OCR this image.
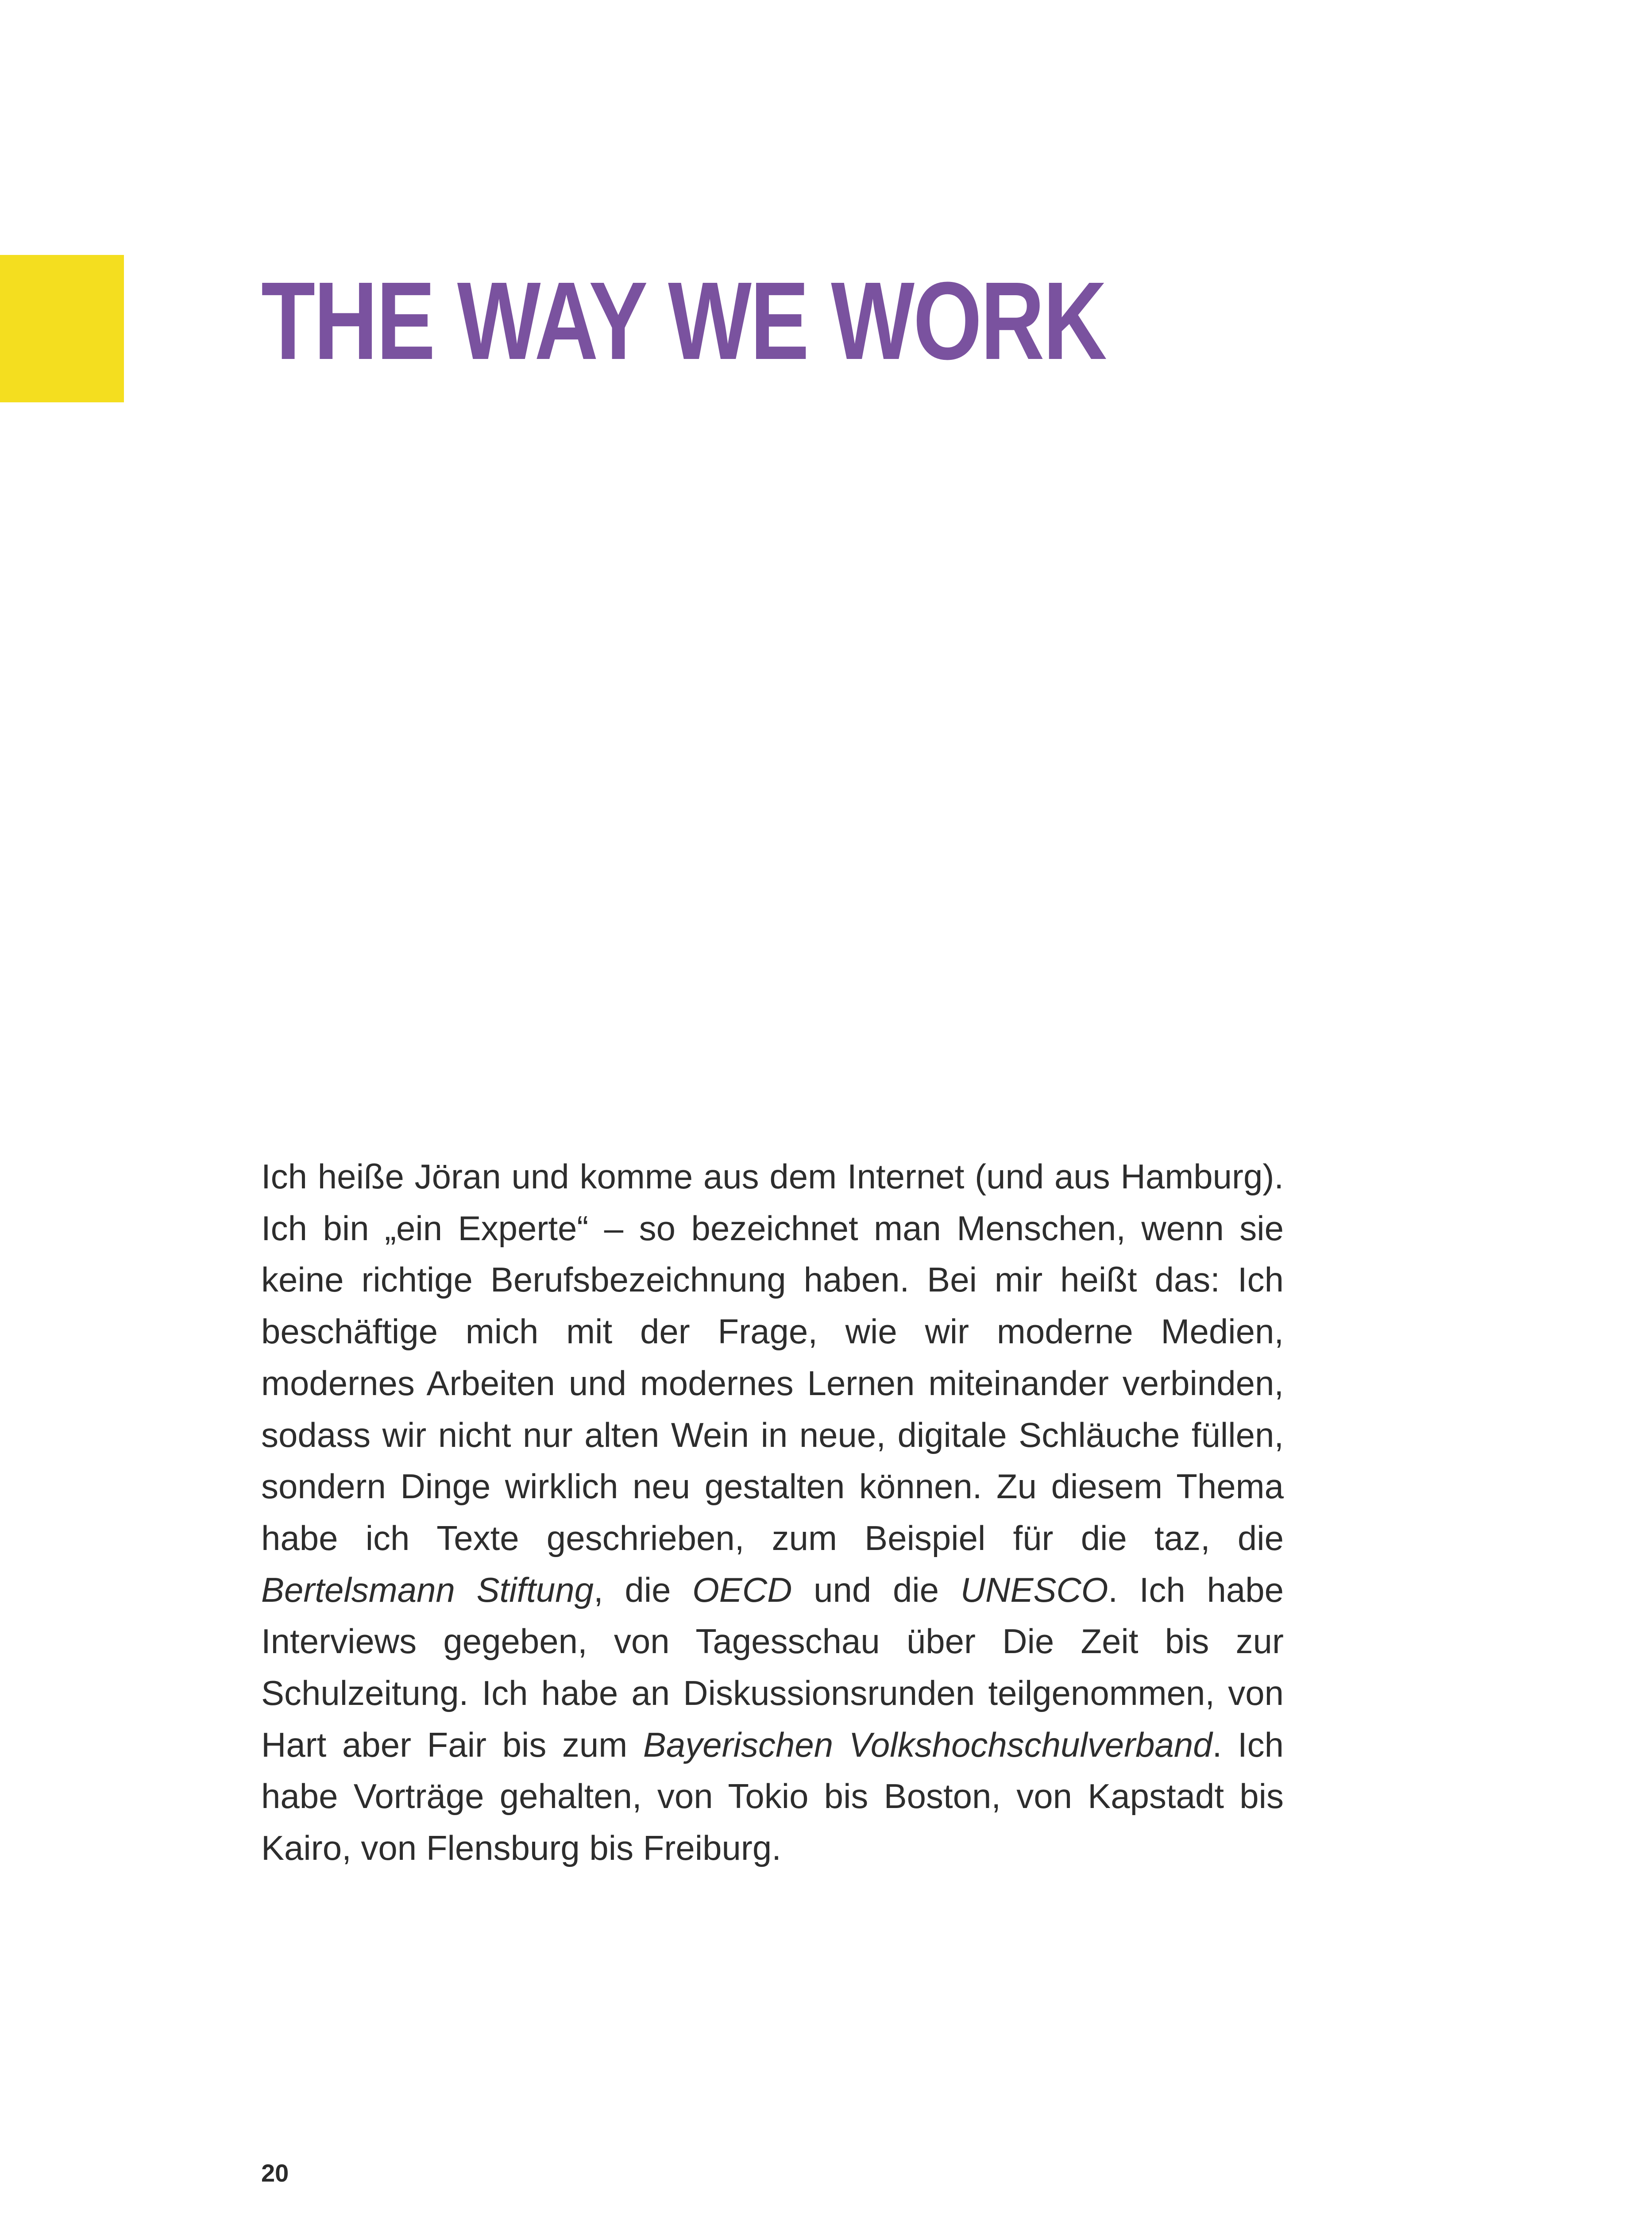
THE WAY WE WORK

Ich heiße Jöran und komme aus dem Internet (und aus Hamburg). Ich bin „ein Experte“ – so bezeichnet man Menschen, wenn sie keine richtige Berufsbezeichnung haben. Bei mir heißt das: Ich beschäftige mich mit der Frage, wie wir moderne Medien, modernes Arbeiten und modernes Lernen miteinander verbinden, sodass wir nicht nur alten Wein in neue, digitale Schläuche füllen, sondern Dinge wirklich neu gestalten können. Zu diesem Thema habe ich Texte geschrieben, zum Beispiel für die taz, die Bertelsmann Stiftung, die OECD und die UNESCO. Ich habe Interviews gegeben, von Tagesschau über Die Zeit bis zur Schulzeitung. Ich habe an Diskussionsrunden teilgenommen, von Hart aber Fair bis zum Bayerischen Volkshochschulverband. Ich habe Vorträge gehalten, von Tokio bis Boston, von Kapstadt bis Kairo, von Flensburg bis Freiburg.

20
